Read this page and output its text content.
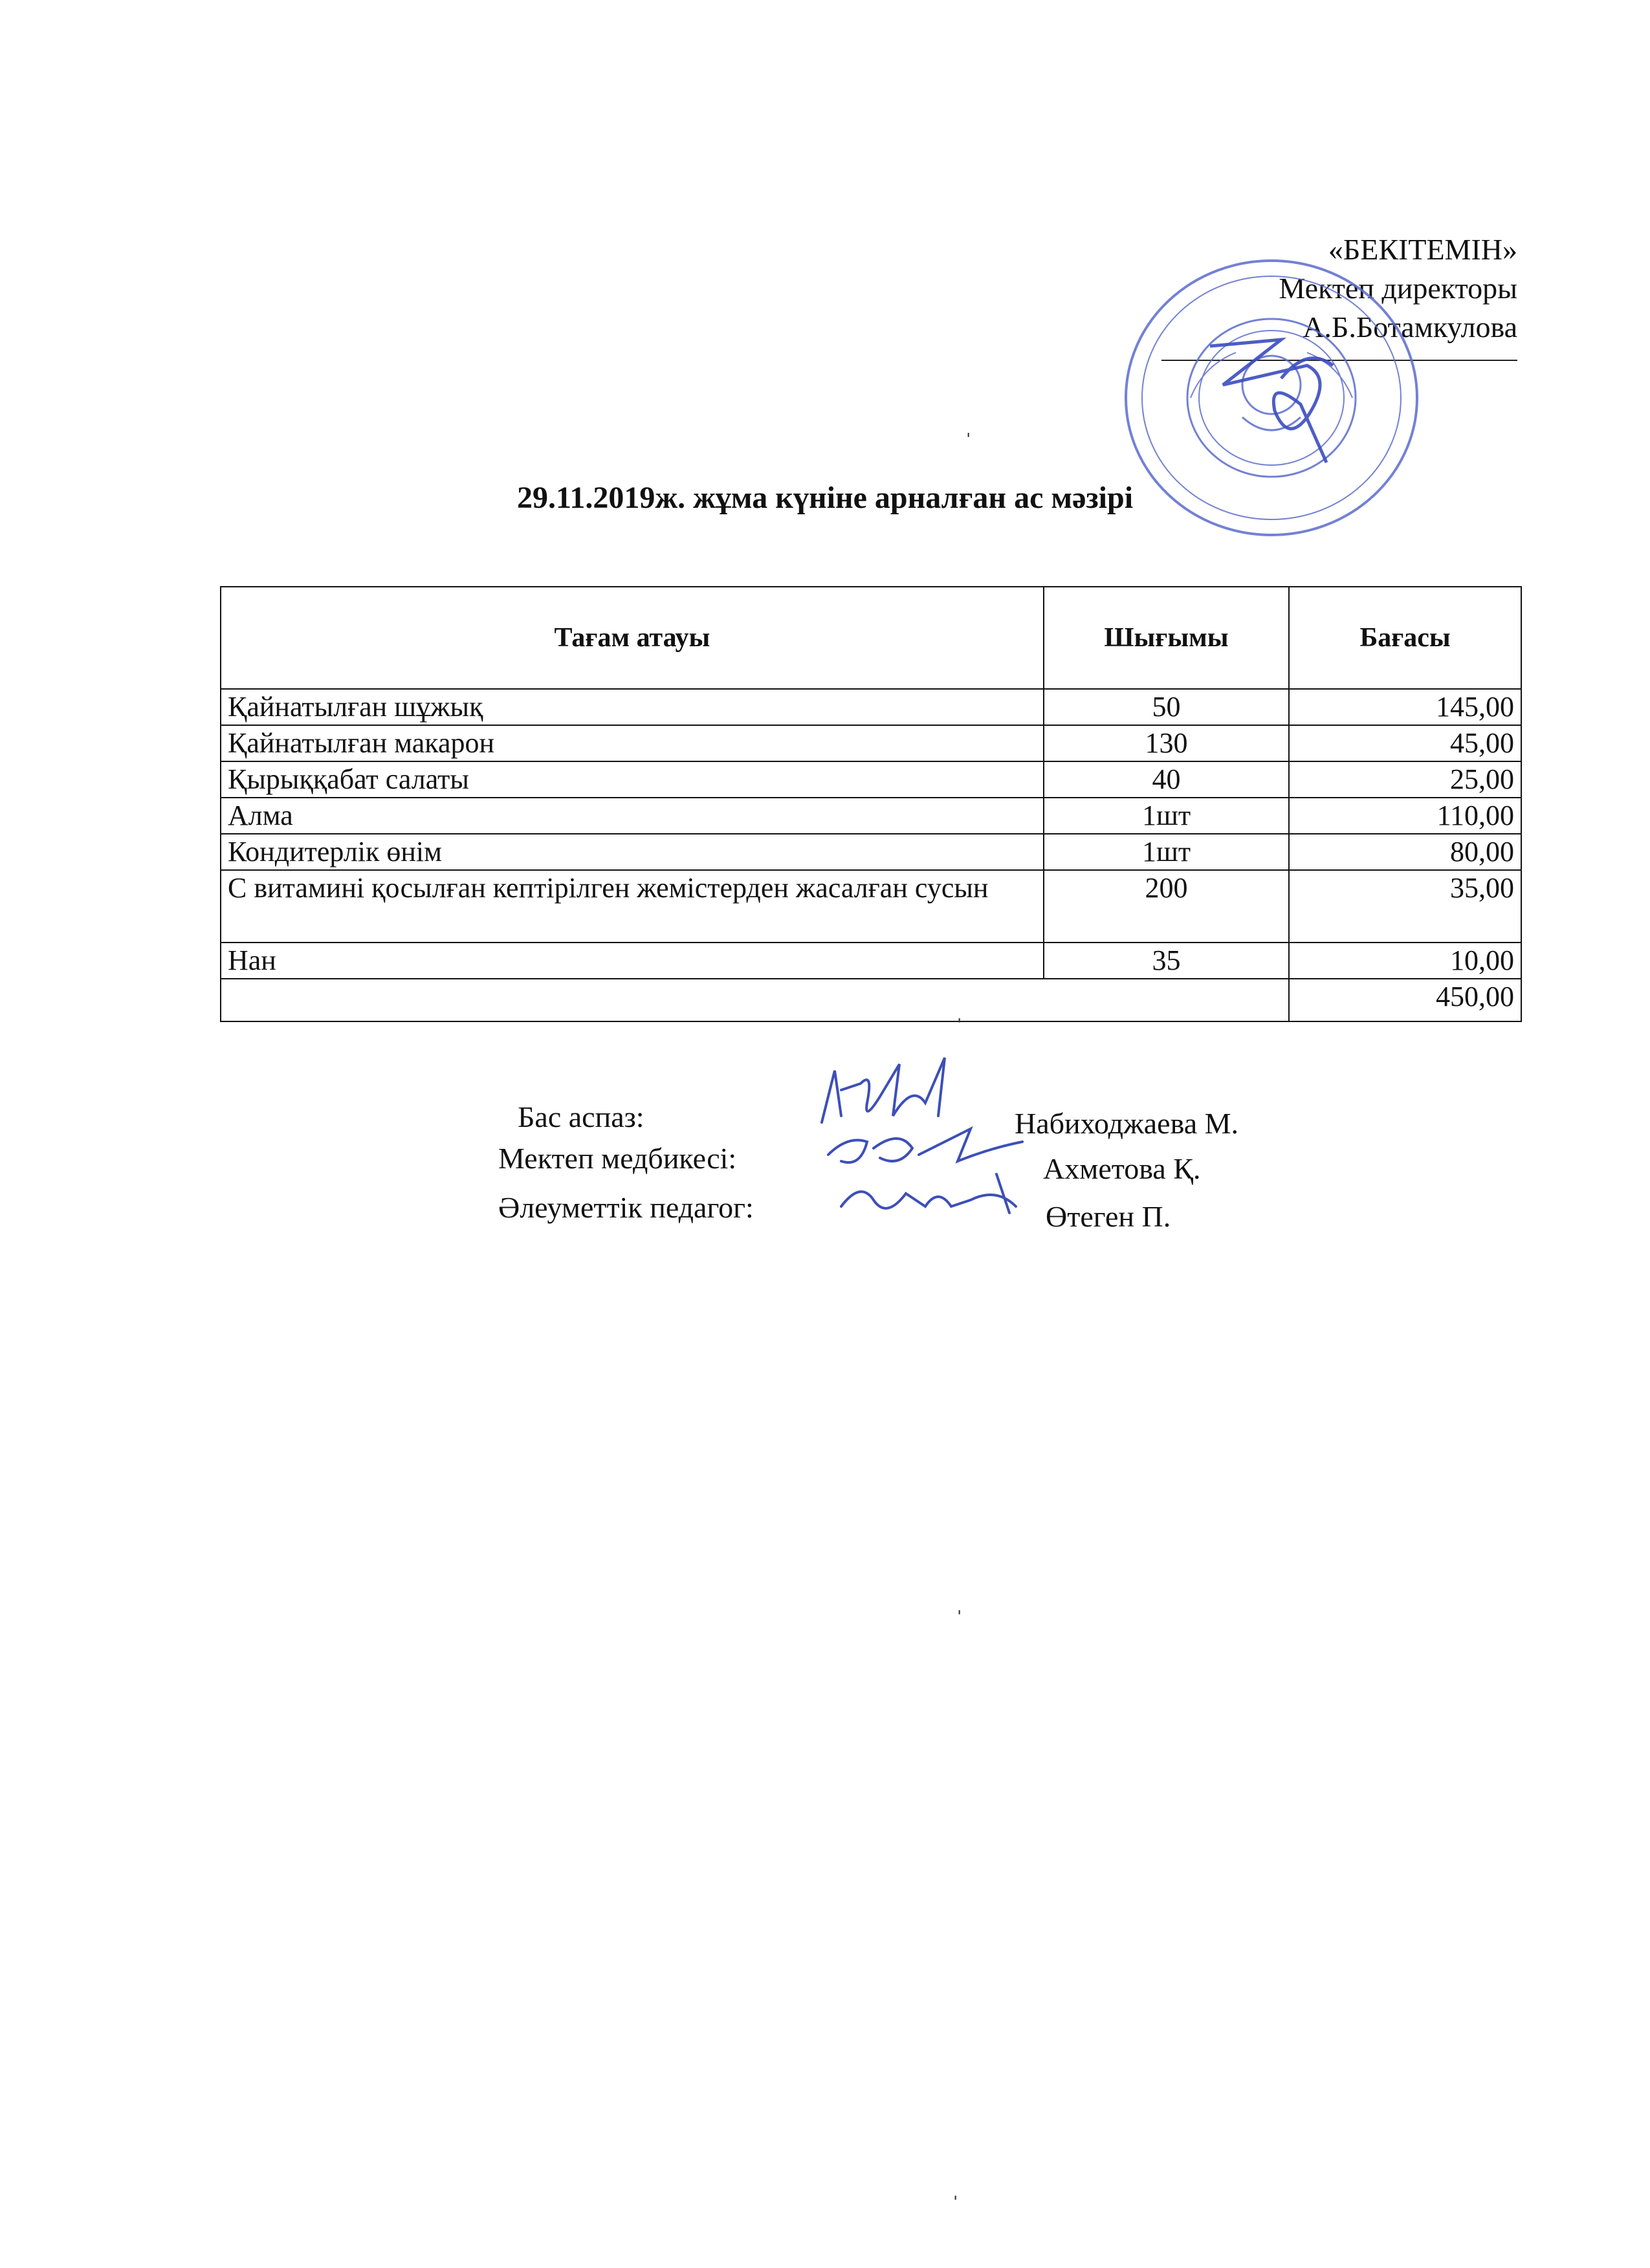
«БЕКІТЕМІН»
Мектеп директоры
А.Б.Ботамкулова
29.11.2019ж. жұма күніне арналған ас мәзірі
Тағам атауы	Шығымы	Бағасы
Қайнатылған шұжық	50	145,00
Қайнатылған макарон	130	45,00
Қырыққабат салаты	40	25,00
Алма	1шт	110,00
Кондитерлік өнім	1шт	80,00
С витамині қосылған кептірілген жемістерден жасалған сусын	200	35,00
Нан	35	10,00
		450,00
Бас аспаз:	Набиходжаева М.
Мектеп медбикесі:	Ахметова Қ.
Әлеуметтік педагог:	Өтеген П.
ˈ
ˈ
ˈ
ˈ
